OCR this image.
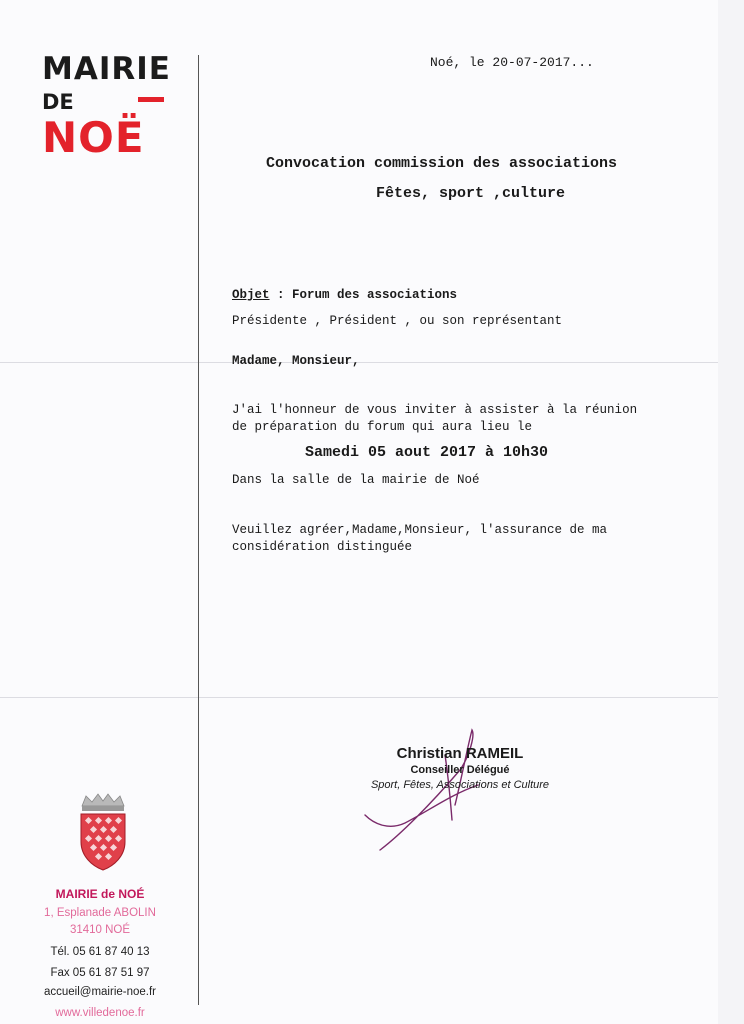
MAIRIE
DE
NOË
Noé, le 20-07-2017...
Convocation commission des associations
Fêtes, sport ,culture
Objet : Forum des associations
Présidente , Président , ou son représentant
Madame, Monsieur,
J'ai l'honneur de vous inviter à assister à la réunion
de préparation du forum qui aura lieu le
Samedi 05 aout 2017 à 10h30
Dans la salle de la mairie de Noé
Veuillez agréer,Madame,Monsieur, l'assurance de ma
considération distinguée
Christian RAMEIL
Conseiller Délégué
Sport, Fêtes, Associations et Culture
MAIRIE de NOÉ
1, Esplanade ABOLIN
31410 NOÉ
Tél. 05 61 87 40 13
Fax 05 61 87 51 97
accueil@mairie-noe.fr
www.villedenoe.fr
